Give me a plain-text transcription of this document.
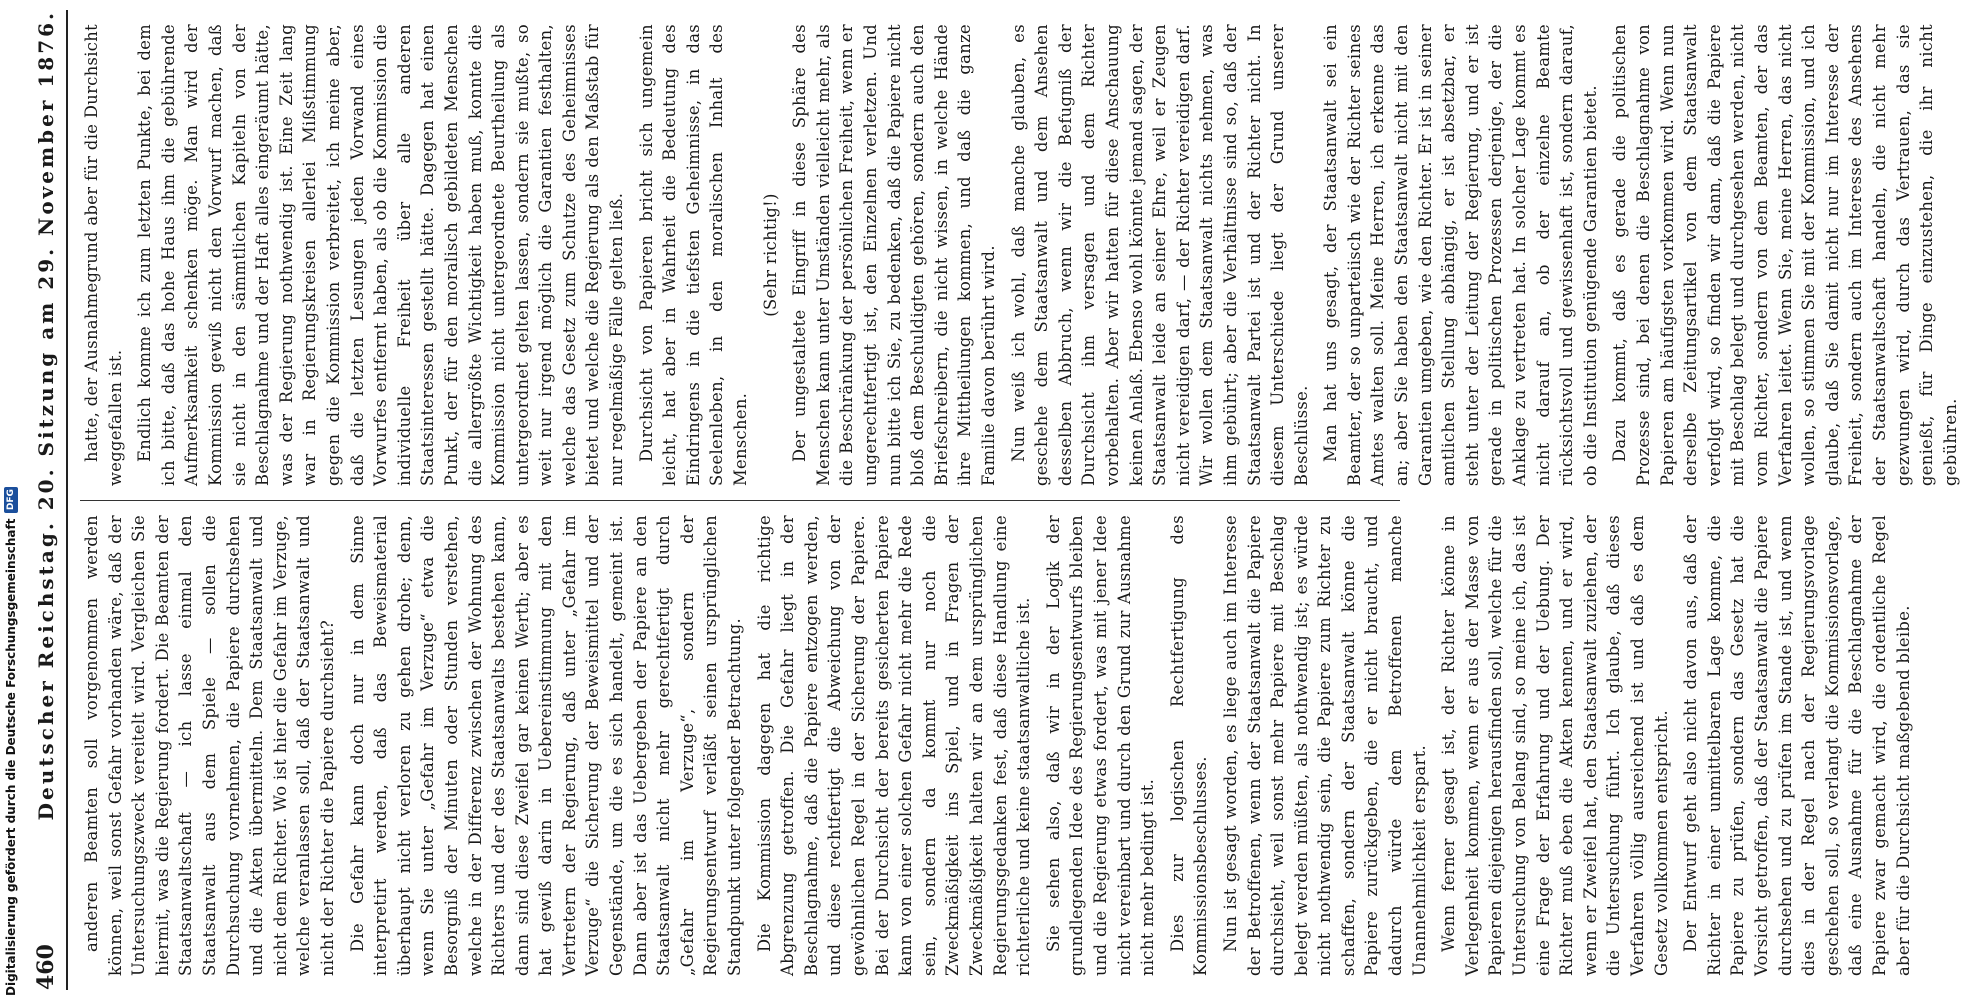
460
Deutscher Reichstag. 20. Sitzung am 29. November 1876. anderen Beamten soll vorgenommen werden können, weil sonst Gefahr vorhanden wäre, daß der Untersuchungszweck vereitelt wird. Vergleichen Sie hiermit, was die Regierung fordert. Die Beamten der Staatsanwaltschaft — ich lasse einmal den Staatsanwalt aus dem Spiele — sollen die Durchsuchung vornehmen, die Papiere durchsehen und die Akten übermitteln. Dem Staatsanwalt und nicht dem Richter. Wo ist hier die Gefahr im Verzuge, welche veranlassen soll, daß der Staatsanwalt und nicht der Richter die Papiere durchsieht? Die Gefahr kann doch nur in dem Sinne interpretirt werden, daß das Beweismaterial überhaupt nicht verloren zu gehen drohe; denn, wenn Sie unter „Gefahr im Verzuge“ etwa die Besorgniß der Minuten oder Stunden verstehen, welche in der Differenz zwischen der Wohnung des Richters und der des Staatsanwalts bestehen kann, dann sind diese Zweifel gar keinen Werth; aber es hat gewiß darin in Uebereinstimmung mit den Vertretern der Regierung, daß unter „Gefahr im Verzuge“ die Sicherung der Beweismittel und der Gegenstände, um die es sich handelt, gemeint ist. Dann aber ist das Uebergeben der Papiere an den Staatsanwalt nicht mehr gerechtfertigt durch „Gefahr im Verzuge“, sondern der Regierungsentwurf verläßt seinen ursprünglichen Standpunkt unter folgender Betrachtung. Die Kommission dagegen hat die richtige Abgrenzung getroffen. Die Gefahr liegt in der Beschlagnahme, daß die Papiere entzogen werden, und diese rechtfertigt die Abweichung von der gewöhnlichen Regel in der Sicherung der Papiere. Bei der Durchsicht der bereits gesicherten Papiere kann von einer solchen Gefahr nicht mehr die Rede sein, sondern da kommt nur noch die Zweckmäßigkeit ins Spiel, und in Fragen der Zweckmäßigkeit halten wir an dem ursprünglichen Regierungsgedanken fest, daß diese Handlung eine richterliche und keine staatsanwaltliche ist. Sie sehen also, daß wir in der Logik der grundlegenden Idee des Regierungsentwurfs bleiben und die Regierung etwas fordert, was mit jener Idee nicht vereinbart und durch den Grund zur Ausnahme nicht mehr bedingt ist. Dies zur logischen Rechtfertigung des Kommissionsbeschlusses. Nun ist gesagt worden, es liege auch im Interesse der Betroffenen, wenn der Staatsanwalt die Papiere durchsieht, weil sonst mehr Papiere mit Beschlag belegt werden müßten, als nothwendig ist; es würde nicht nothwendig sein, die Papiere zum Richter zu schaffen, sondern der Staatsanwalt könne die Papiere zurückgeben, die er nicht braucht, und dadurch würde dem Betroffenen manche Unannehmlichkeit erspart. Wenn ferner gesagt ist, der Richter könne in Verlegenheit kommen, wenn er aus der Masse von Papieren diejenigen herausfinden soll, welche für die Untersuchung von Belang sind, so meine ich, das ist eine Frage der Erfahrung und der Uebung. Der Richter muß eben die Akten kennen, und er wird, wenn er Zweifel hat, den Staatsanwalt zuziehen, der die Untersuchung führt. Ich glaube, daß dieses Verfahren völlig ausreichend ist und daß es dem Gesetz vollkommen entspricht. Der Entwurf geht also nicht davon aus, daß der Richter in einer unmittelbaren Lage komme, die Papiere zu prüfen, sondern das Gesetz hat die Vorsicht getroffen, daß der Staatsanwalt die Papiere durchsehen und zu prüfen im Stande ist, und wenn dies in der Regel nach der Regierungsvorlage geschehen soll, so verlangt die Kommissionsvorlage, daß eine Ausnahme für die Beschlagnahme der Papiere zwar gemacht wird, die ordentliche Regel aber für die Durchsicht maßgebend bleibe.

hatte, der Ausnahmegrund aber für die Durchsicht weggefallen ist. Endlich komme ich zum letzten Punkte, bei dem ich bitte, daß das hohe Haus ihm die gebührende Aufmerksamkeit schenken möge. Man wird der Kommission gewiß nicht den Vorwurf machen, daß sie nicht in den sämmtlichen Kapiteln von der Beschlagnahme und der Haft alles eingeräumt hätte, was der Regierung nothwendig ist. Eine Zeit lang war in Regierungskreisen allerlei Mißstimmung gegen die Kommission verbreitet, ich meine aber, daß die letzten Lesungen jeden Vorwand eines Vorwurfes entfernt haben, als ob die Kommission die individuelle Freiheit über alle anderen Staatsinteressen gestellt hätte. Dagegen hat einen Punkt, der für den moralisch gebildeten Menschen die allergrößte Wichtigkeit haben muß, konnte die Kommission nicht untergeordnete Beurtheilung als untergeordnet gelten lassen, sondern sie mußte, so weit nur irgend möglich die Garantien festhalten, welche das Gesetz zum Schutze des Geheimnisses bietet und welche die Regierung als den Maßstab für nur regelmäßige Fälle gelten ließ. Durchsicht von Papieren bricht sich ungemein leicht, hat aber in Wahrheit die Bedeutung des Eindringens in die tiefsten Geheimnisse, in das Seelenleben, in den moralischen Inhalt des Menschen.

(Sehr richtig!) Der ungestaltete Eingriff in diese Sphäre des Menschen kann unter Umständen vielleicht mehr, als die Beschränkung der persönlichen Freiheit, wenn er ungerechtfertigt ist, den Einzelnen verletzen. Und nun bitte ich Sie, zu bedenken, daß die Papiere nicht bloß dem Beschuldigten gehören, sondern auch den Briefschreibern, die nicht wissen, in welche Hände ihre Mittheilungen kommen, und daß die ganze Familie davon berührt wird. Nun weiß ich wohl, daß manche glauben, es geschehe dem Staatsanwalt und dem Ansehen desselben Abbruch, wenn wir die Befugniß der Durchsicht ihm versagen und dem Richter vorbehalten. Aber wir hatten für diese Anschauung keinen Anlaß. Ebenso wohl könnte jemand sagen, der Staatsanwalt leide an seiner Ehre, weil er Zeugen nicht vereidigen darf, — der Richter vereidigen darf. Wir wollen dem Staatsanwalt nichts nehmen, was ihm gebührt; aber die Verhältnisse sind so, daß der Staatsanwalt Partei ist und der Richter nicht. In diesem Unterschiede liegt der Grund unserer Beschlüsse. Man hat uns gesagt, der Staatsanwalt sei ein Beamter, der so unparteiisch wie der Richter seines Amtes walten soll. Meine Herren, ich erkenne das an; aber Sie haben den Staatsanwalt nicht mit den Garantien umgeben, wie den Richter. Er ist in seiner amtlichen Stellung abhängig, er ist absetzbar, er steht unter der Leitung der Regierung, und er ist gerade in politischen Prozessen derjenige, der die Anklage zu vertreten hat. In solcher Lage kommt es nicht darauf an, ob der einzelne Beamte rücksichtsvoll und gewissenhaft ist, sondern darauf, ob die Institution genügende Garantien bietet. Dazu kommt, daß es gerade die politischen Prozesse sind, bei denen die Beschlagnahme von Papieren am häufigsten vorkommen wird. Wenn nun derselbe Zeitungsartikel von dem Staatsanwalt verfolgt wird, so finden wir dann, daß die Papiere mit Beschlag belegt und durchgesehen werden, nicht vom Richter, sondern von dem Beamten, der das Verfahren leitet. Wenn Sie, meine Herren, das nicht wollen, so stimmen Sie mit der Kommission, und ich glaube, daß Sie damit nicht nur im Interesse der Freiheit, sondern auch im Interesse des Ansehens der Staatsanwaltschaft handeln, die nicht mehr gezwungen wird, durch das Vertrauen, das sie genießt, für Dinge einzustehen, die ihr nicht gebühren.

Digitalisierung gefördert durch die Deutsche Forschungsgemeinschaft
DFG
